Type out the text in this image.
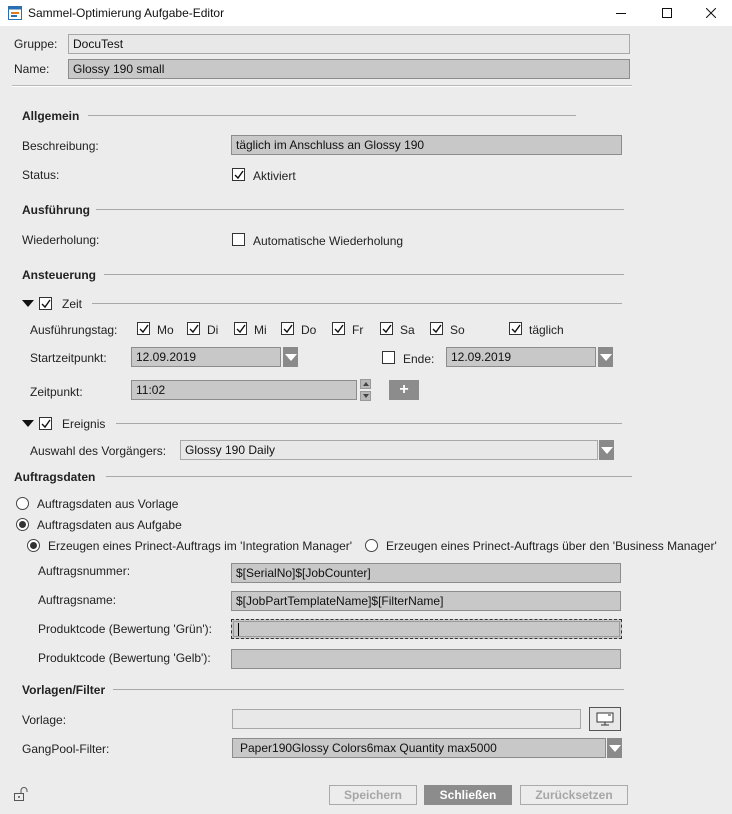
Sammel-Optimierung Aufgabe-Editor
Gruppe:	DocuTest
Name:	Glossy 190 small
Allgemein
Beschreibung:	täglich im Anschluss an Glossy 190
Status:	Aktiviert
Ausführung
Wiederholung:	Automatische Wiederholung
Ansteuerung
Zeit
Ausführungstag:	Mo	Di	Mi	Do	Fr	Sa	So	täglich
Startzeitpunkt:	12.09.2019	Ende:	12.09.2019
Zeitpunkt:	11:02	+
Ereignis
Auswahl des Vorgängers:	Glossy 190 Daily
Auftragsdaten
Auftragsdaten aus Vorlage
Auftragsdaten aus Aufgabe
Erzeugen eines Prinect-Auftrags im 'Integration Manager'	Erzeugen eines Prinect-Auftrags über den 'Business Manager'
Auftragsnummer:	$[SerialNo]$[JobCounter]
Auftragsname:	$[JobPartTemplateName]$[FilterName]
Produktcode (Bewertung 'Grün'):
Produktcode (Bewertung 'Gelb'):
Vorlagen/Filter
Vorlage:
GangPool-Filter:	Paper190Glossy Colors6max Quantity max5000
Speichern	Schließen	Zurücksetzen
